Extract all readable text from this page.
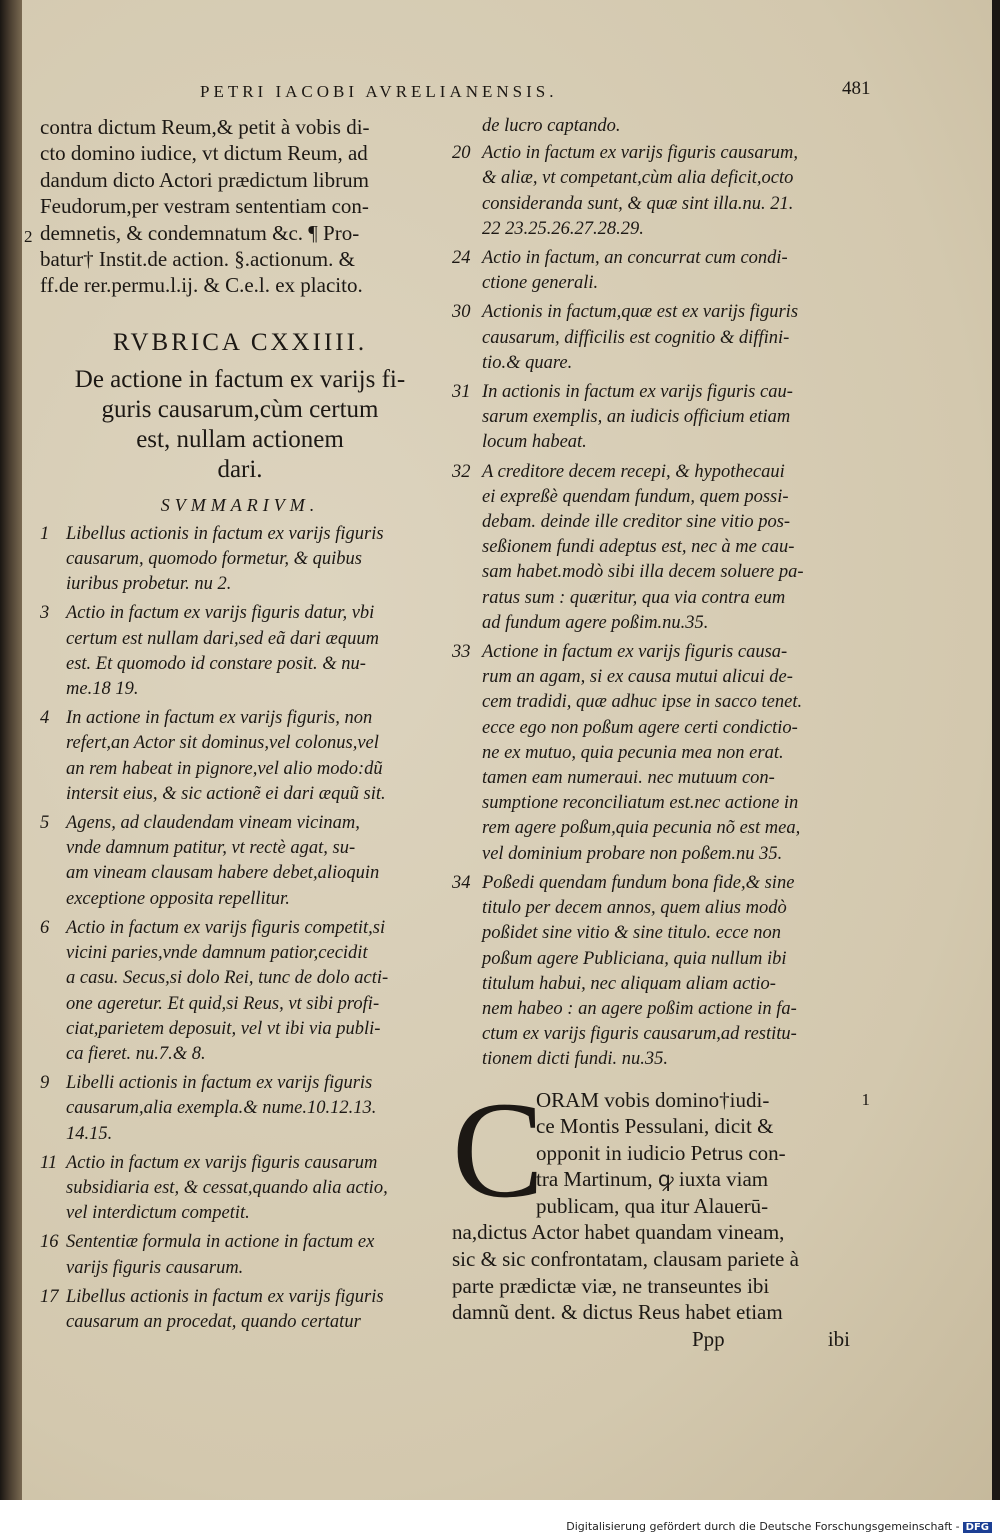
PETRI IACOBI AVRELIANENSIS.	481
contra dictum Reum,& petit à vobis di-
cto domino iudice, vt dictum Reum, ad
dandum dicto Actori prædictum librum
Feudorum,per vestram sententiam con-
demnetis, & condemnatum &c. ¶ Pro-
batur† Instit.de action. §.actionum. &
ff.de rer.permu.l.ij. & C.e.l. ex placito.
2
RVBRICA CXXIIII.
De actione in factum ex varijs fi-
guris causarum,cùm certum
est, nullam actionem
dari.
SVMMARIVM.
1 Libellus actionis in factum ex varijs figuris
causarum, quomodo formetur, & quibus
iuribus probetur. nu 2.
3 Actio in factum ex varijs figuris datur, vbi
certum est nullam dari,sed eã dari æquum
est. Et quomodo id constare posit. & nu-
me.18 19.
4 In actione in factum ex varijs figuris, non
refert,an Actor sit dominus,vel colonus,vel
an rem habeat in pignore,vel alio modo:dũ
intersit eius, & sic actionẽ ei dari æquũ sit.
5 Agens, ad claudendam vineam vicinam,
vnde damnum patitur, vt rectè agat, su-
am vineam clausam habere debet,alioquin
exceptione opposita repellitur.
6 Actio in factum ex varijs figuris competit,si
vicini paries,vnde damnum patior,cecidit
a casu. Secus,si dolo Rei, tunc de dolo acti-
one ageretur. Et quid,si Reus, vt sibi profi-
ciat,parietem deposuit, vel vt ibi via publi-
ca fieret. nu.7.& 8.
9 Libelli actionis in factum ex varijs figuris
causarum,alia exempla.& nume.10.12.13.
14.15.
11 Actio in factum ex varijs figuris causarum
subsidiaria est, & cessat,quando alia actio,
vel interdictum competit.
16 Sententiæ formula in actione in factum ex
varijs figuris causarum.
17 Libellus actionis in factum ex varijs figuris
causarum an procedat, quando certatur
de lucro captando.
20 Actio in factum ex varijs figuris causarum,
& aliæ, vt competant,cùm alia deficit,octo
consideranda sunt, & quæ sint illa.nu. 21.
22 23.25.26.27.28.29.
24 Actio in factum, an concurrat cum condi-
ctione generali.
30 Actionis in factum,quæ est ex varijs figuris
causarum, difficilis est cognitio & diffini-
tio.& quare.
31 In actionis in factum ex varijs figuris cau-
sarum exemplis, an iudicis officium etiam
locum habeat.
32 A creditore decem recepi, & hypothecaui
ei expreßè quendam fundum, quem possi-
debam. deinde ille creditor sine vitio pos-
seßionem fundi adeptus est, nec à me cau-
sam habet.modò sibi illa decem soluere pa-
ratus sum : quæritur, qua via contra eum
ad fundum agere poßim.nu.35.
33 Actione in factum ex varijs figuris causa-
rum an agam, si ex causa mutui alicui de-
cem tradidi, quæ adhuc ipse in sacco tenet.
ecce ego non poßum agere certi condictio-
ne ex mutuo, quia pecunia mea non erat.
tamen eam numeraui. nec mutuum con-
sumptione reconciliatum est.nec actione in
rem agere poßum,quia pecunia nõ est mea,
vel dominium probare non poßem.nu 35.
34 Poßedi quendam fundum bona fide,& sine
titulo per decem annos, quem alius modò
poßidet sine vitio & sine titulo. ecce non
poßum agere Publiciana, quia nullum ibi
titulum habui, nec aliquam aliam actio-
nem habeo : an agere poßim actione in fa-
ctum ex varijs figuris causarum,ad restitu-
tionem dicti fundi. nu.35.
C
ORAM vobis domino†iudi-
ce Montis Pessulani, dicit &
opponit in iudicio Petrus con-
tra Martinum, ꝙ iuxta viam
publicam, qua itur Alauerū-
na,dictus Actor habet quandam vineam,
sic & sic confrontatam, clausam pariete à
parte prædictæ viæ, ne transeuntes ibi
damnũ dent. & dictus Reus habet etiam
1
Ppp	ibi
Digitalisierung gefördert durch die Deutsche Forschungsgemeinschaft - DFG
